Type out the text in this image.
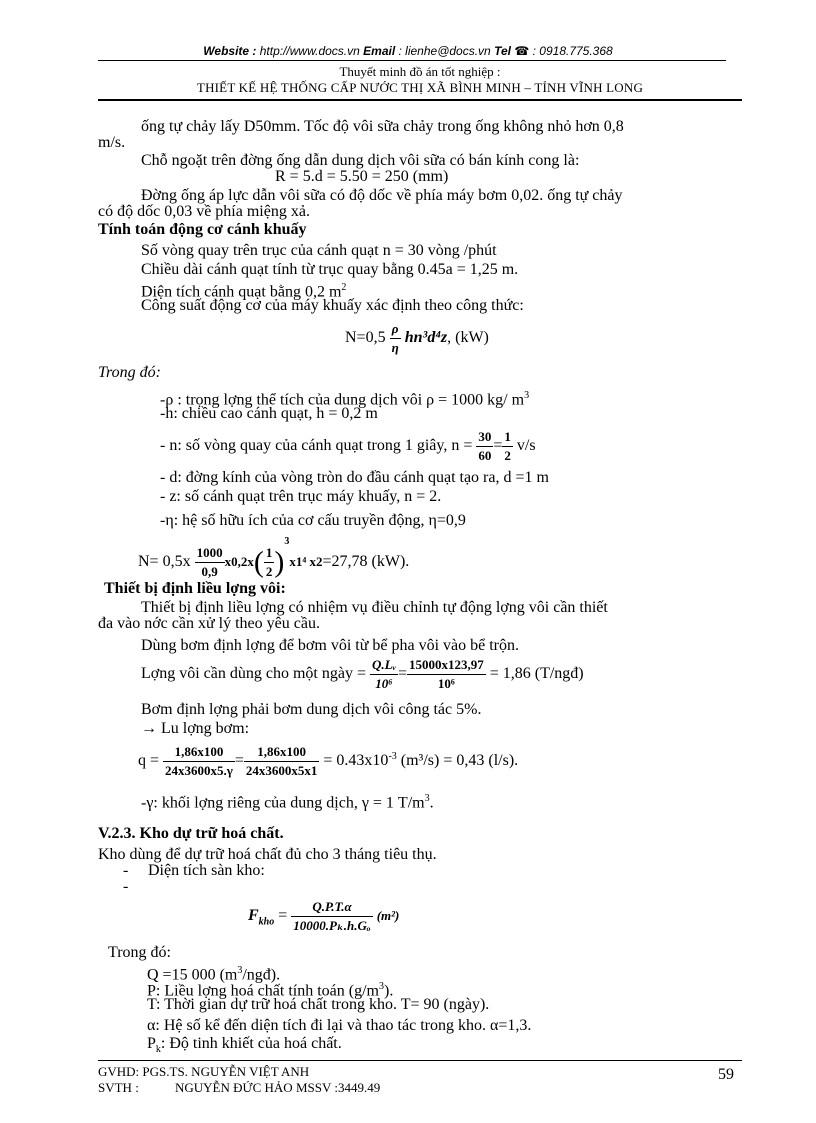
Website : http://www.docs.vn Email : lienhe@docs.vn Tel ☎ : 0918.775.368
Thuyết minh đồ án tốt nghiệp :
THIẾT KẾ HỆ THỐNG CẤP NƯỚC THỊ XÃ BÌNH MINH – TỈNH VĨNH LONG
ống tự chảy lấy D50mm. Tốc độ vôi sữa chảy trong ống không nhỏ hơn 0,8
m/s.
Chỗ ngoặt trên đờng ống dẫn dung dịch vôi sữa có bán kính cong là:
R = 5.d = 5.50 = 250 (mm)
Đờng ống áp lực dẫn vôi sữa có độ dốc về phía máy bơm 0,02. ống tự chảy
có độ dốc 0,03 về phía miệng xả.
Tính toán động cơ cánh khuấy
Số vòng quay trên trục của cánh quạt n = 30 vòng /phút
Chiều dài cánh quạt tính từ trục quay bằng 0.45a = 1,25 m.
Diện tích cánh quạt bằng 0,2 $m^2$
Công suất động cơ của máy khuấy xác định theo công thức:
$N=0,5 \frac{\rho}{\eta} hn^3d^4z$, (kW)
Trong đó:
-ρ : trọng lợng thể tích của dung dịch vôi ρ = 1000 kg/ $m^3$
-h: chiều cao cánh quạt, h = 0,2 m
- n: số vòng quay của cánh quạt trong 1 giây, $n = \frac{30}{60} = \frac{1}{2} v/s$
- d: đờng kính của vòng tròn do đầu cánh quạt tạo ra, d =1 m
- z: số cánh quạt trên trục máy khuấy, n = 2.
-η: hệ số hữu ích của cơ cấu truyền động, η=0,9
$N= 0,5x \frac{1000}{0,9} x0,2x( \frac{1}{2} )^3x1^4$ x2=27,78 (kW).
Thiết bị định liều lợng vôi:
Thiết bị định liều lợng có nhiệm vụ điều chỉnh tự động lợng vôi cần thiết
đa vào nớc cần xử lý theo yêu cầu.
Dùng bơm định lợng để bơm vôi từ bể pha vôi vào bể trộn.
Lợng vôi cần dùng cho một ngày = $\frac{\text{Q.Lᵥ}}{\text{10⁶}} = \frac{15000x123,97}{\text{10⁶}} = 1,86$ (T/ngđ)
Bơm định lợng phải bơm dung dịch vôi công tác 5%.
→ Lu lợng bơm:
$q = \frac{1,86x100}{24x3600x5.\gamma} = \frac{1,86x100}{24x3600x5x1} = 0.43x10^{-3}$ (m³/s) = 0,43 (l/s).
-γ: khối lợng riêng của dung dịch, γ = 1 $T/m^3$.
V.2.3. Kho dự trữ hoá chất.
Kho dùng để dự trữ hoá chất đủ cho 3 tháng tiêu thụ.
- Diện tích sàn kho:
-
$F_{kho} = \frac{Q.P.T.\alpha}{\text{10000.Pₖ.h.Gₒ}} (m^2)$
Trong đó:
Q =15 000 $(m^3/ngđ)$.
P: Liều lợng hoá chất tính toán $(g/m^3)$.
T: Thời gian dự trữ hoá chất trong kho. T= 90 (ngày).
α: Hệ số kể đến diện tích đi lại và thao tác trong kho. α=1,3.
$P_k$: Độ tinh khiết của hoá chất.
GVHD: PGS.TS. NGUYỄN VIỆT ANH	59
SVTH :	NGUYỄN ĐỨC HẢO MSSV :3449.49
